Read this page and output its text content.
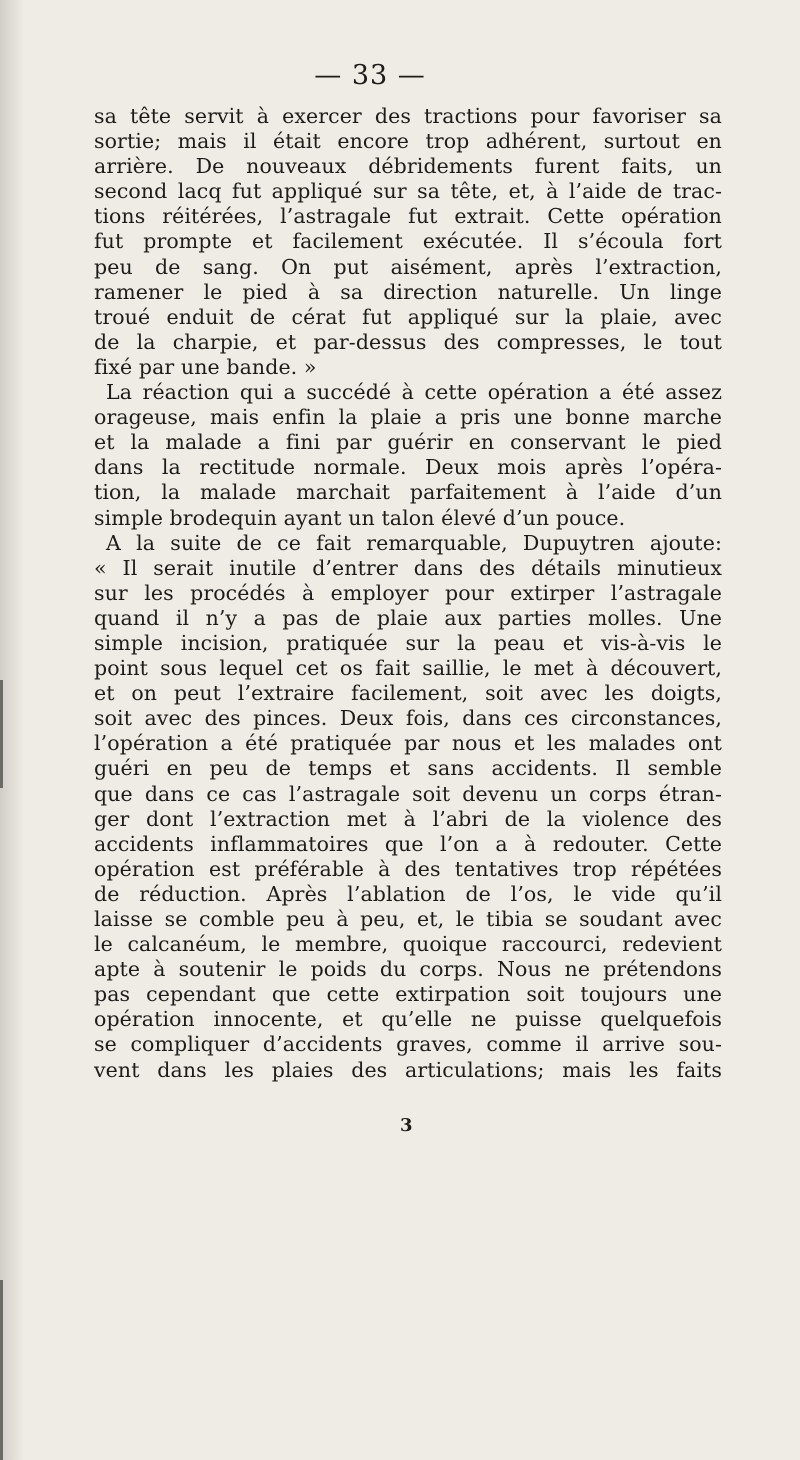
— 33 —
sa tête servit à exercer des tractions pour favoriser sa
sortie; mais il était encore trop adhérent, surtout en
arrière. De nouveaux débridements furent faits, un
second lacq fut appliqué sur sa tête, et, à l’aide de trac-
tions réitérées, l’astragale fut extrait. Cette opération
fut prompte et facilement exécutée. Il s’écoula fort
peu de sang. On put aisément, après l’extraction,
ramener le pied à sa direction naturelle. Un linge
troué enduit de cérat fut appliqué sur la plaie, avec
de la charpie, et par-dessus des compresses, le tout
fixé par une bande. »
La réaction qui a succédé à cette opération a été assez
orageuse, mais enfin la plaie a pris une bonne marche
et la malade a fini par guérir en conservant le pied
dans la rectitude normale. Deux mois après l’opéra-
tion, la malade marchait parfaitement à l’aide d’un
simple brodequin ayant un talon élevé d’un pouce.
A la suite de ce fait remarquable, Dupuytren ajoute:
« Il serait inutile d’entrer dans des détails minutieux
sur les procédés à employer pour extirper l’astragale
quand il n’y a pas de plaie aux parties molles. Une
simple incision, pratiquée sur la peau et vis-à-vis le
point sous lequel cet os fait saillie, le met à découvert,
et on peut l’extraire facilement, soit avec les doigts,
soit avec des pinces. Deux fois, dans ces circonstances,
l’opération a été pratiquée par nous et les malades ont
guéri en peu de temps et sans accidents. Il semble
que dans ce cas l’astragale soit devenu un corps étran-
ger dont l’extraction met à l’abri de la violence des
accidents inflammatoires que l’on a à redouter. Cette
opération est préférable à des tentatives trop répétées
de réduction. Après l’ablation de l’os, le vide qu’il
laisse se comble peu à peu, et, le tibia se soudant avec
le calcanéum, le membre, quoique raccourci, redevient
apte à soutenir le poids du corps. Nous ne prétendons
pas cependant que cette extirpation soit toujours une
opération innocente, et qu’elle ne puisse quelquefois
se compliquer d’accidents graves, comme il arrive sou-
vent dans les plaies des articulations; mais les faits
3
